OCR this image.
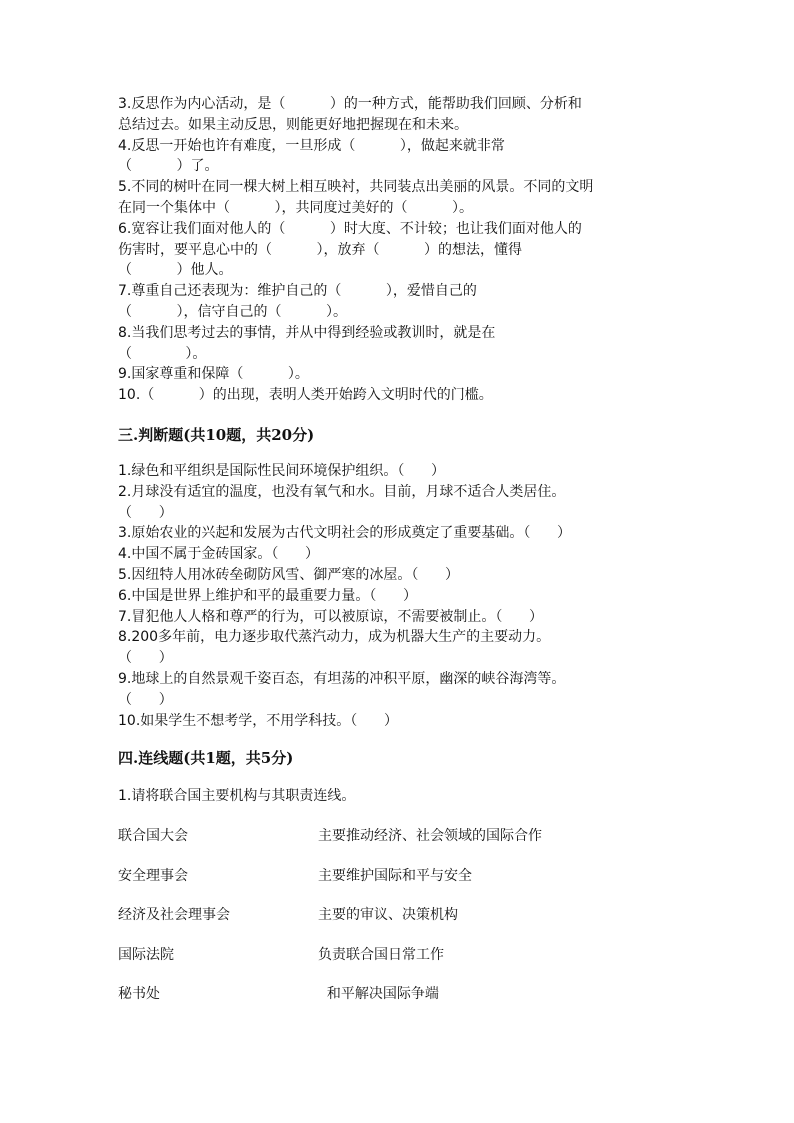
3.反思作为内心活动，是（          ）的一种方式，能帮助我们回顾、分析和

总结过去。如果主动反思，则能更好地把握现在和未来。

4.反思一开始也许有难度，一旦形成（          ），做起来就非常

（          ）了。

5.不同的树叶在同一棵大树上相互映衬，共同装点出美丽的风景。不同的文明

在同一个集体中（          ），共同度过美好的（          ）。

6.宽容让我们面对他人的（          ）时大度、不计较；也让我们面对他人的

伤害时，要平息心中的（          ），放弃（          ）的想法，懂得

（          ）他人。

7.尊重自己还表现为：维护自己的（          ），爱惜自己的

（          ），信守自己的（          ）。

8.当我们思考过去的事情，并从中得到经验或教训时，就是在

（            ）。

9.国家尊重和保障（          ）。

10.（          ）的出现，表明人类开始跨入文明时代的门槛。

三.判断题(共10题，共20分)

1.绿色和平组织是国际性民间环境保护组织。（      ）

2.月球没有适宜的温度，也没有氧气和水。目前，月球不适合人类居住。

（      ）

3.原始农业的兴起和发展为古代文明社会的形成奠定了重要基础。（      ）

4.中国不属于金砖国家。（      ）

5.因纽特人用冰砖垒砌防风雪、御严寒的冰屋。（      ）

6.中国是世界上维护和平的最重要力量。（      ）

7.冒犯他人人格和尊严的行为，可以被原谅，不需要被制止。（      ）

8.200多年前，电力逐步取代蒸汽动力，成为机器大生产的主要动力。

（      ）

9.地球上的自然景观千姿百态，有坦荡的冲积平原，幽深的峡谷海湾等。

（      ）

10.如果学生不想考学，不用学科技。（      ）

四.连线题(共1题，共5分)

1.请将联合国主要机构与其职责连线。

联合国大会	主要推动经济、社会领域的国际合作
安全理事会	主要维护国际和平与安全
经济及社会理事会	主要的审议、决策机构
国际法院	负责联合国日常工作
秘书处	和平解决国际争端
